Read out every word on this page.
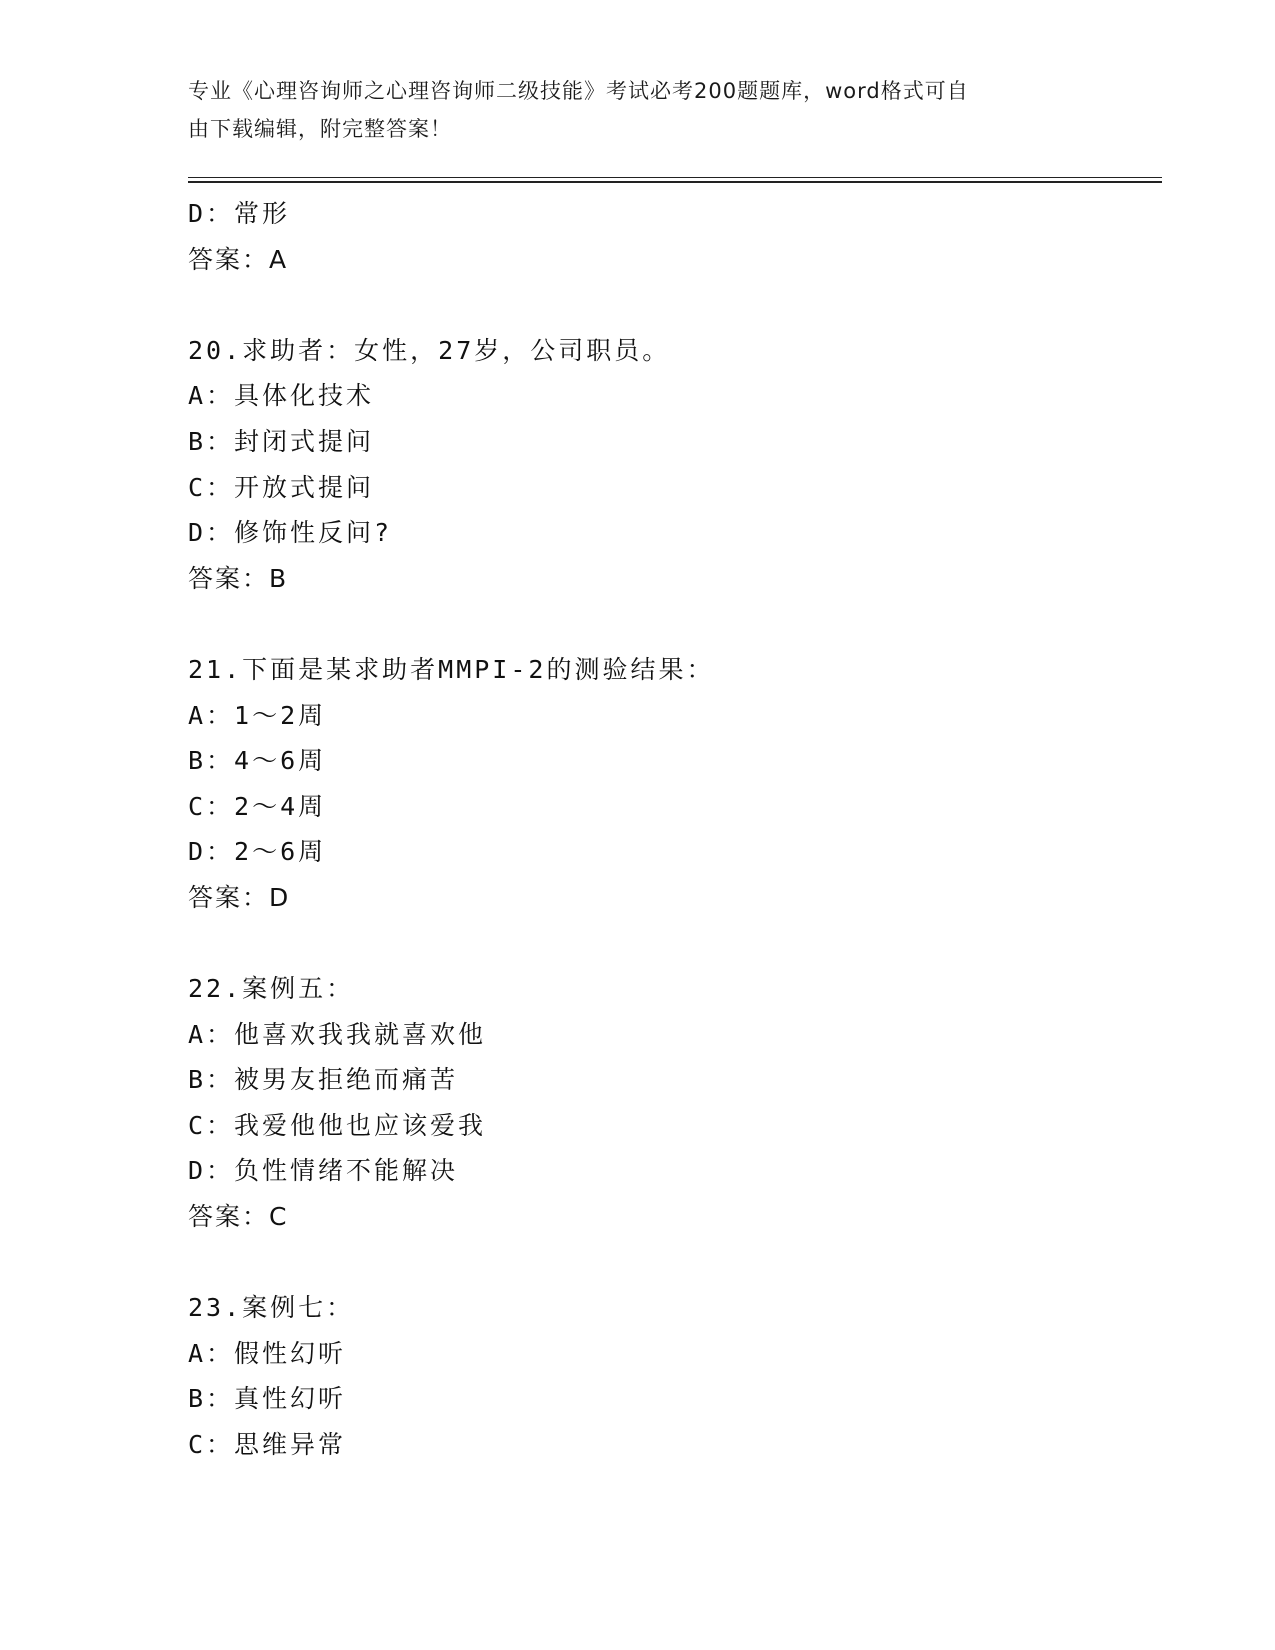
专业《心理咨询师之心理咨询师二级技能》考试必考200题题库，word格式可自
由下载编辑，附完整答案！
D：常形
答案：A
20.求助者：女性，27岁，公司职员。
A：具体化技术
B：封闭式提问
C：开放式提问
D：修饰性反问?
答案：B
21.下面是某求助者MMPI-2的测验结果：
A：1～2周
B：4～6周
C：2～4周
D：2～6周
答案：D
22.案例五：
A：他喜欢我我就喜欢他
B：被男友拒绝而痛苦
C：我爱他他也应该爱我
D：负性情绪不能解决
答案：C
23.案例七：
A：假性幻听
B：真性幻听
C：思维异常
